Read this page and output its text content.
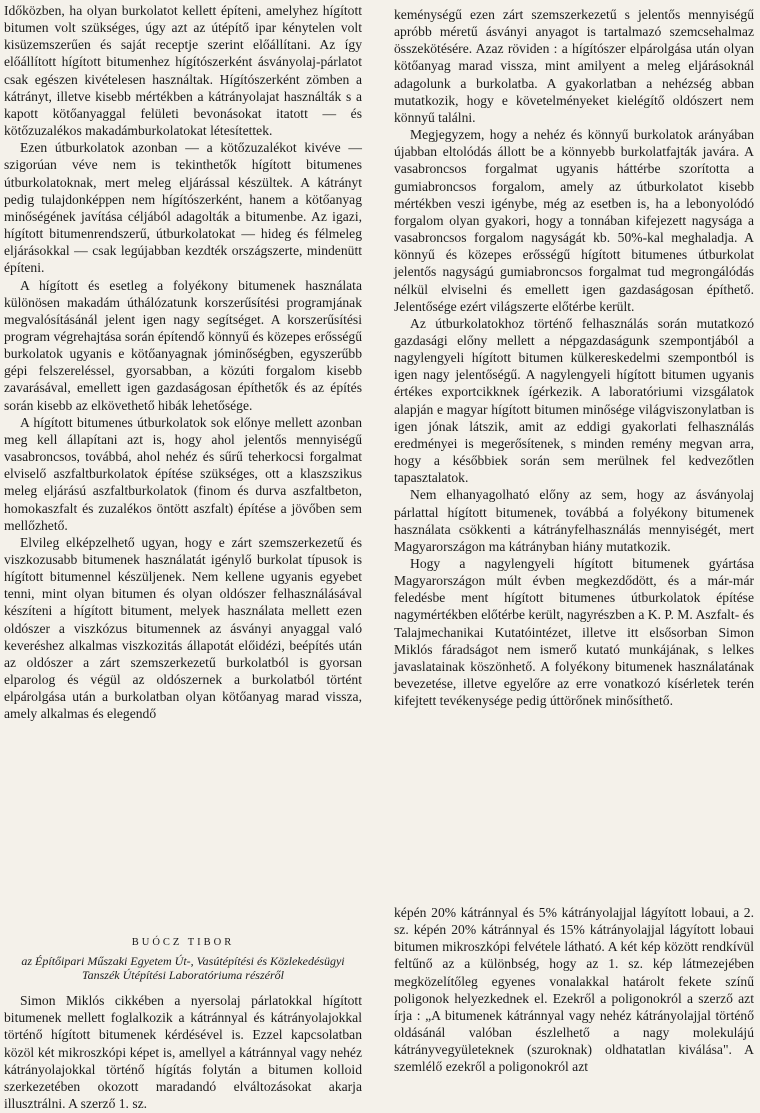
Időközben, ha olyan burkolatot kellett építeni, amelyhez hígított bitumen volt szükséges, úgy azt az útépítő ipar kénytelen volt kisüzemszerűen és saját receptje szerint előállítani. Az így előállított hígított bitumenhez hígítószerként ásványolaj-párlatot csak egészen kivételesen használtak. Hígítószerként zömben a kátrányt, illetve kisebb mértékben a kátrányolajat használták s a kapott kötőanyaggal felületi bevonásokat itatott — és kötőzuzalékos makadámburkolatokat létesítettek.

Ezen útburkolatok azonban — a kötőzuzalékot kivéve — szigorúan véve nem is tekinthetők hígított bitumenes útburkolatoknak, mert meleg eljárással készültek. A kátrányt pedig tulajdonképpen nem hígítószerként, hanem a kötőanyag minőségének javítása céljából adagolták a bitumenbe. Az igazi, hígított bitumenrendszerű, útburkolatokat — hideg és félmeleg eljárásokkal — csak legújabban kezdték országszerte, mindenütt építeni.

A hígított és esetleg a folyékony bitumenek használata különösen makadám úthálózatunk korszerűsítési programjának megvalósításánál jelent igen nagy segítséget. A korszerűsítési program végrehajtása során építendő könnyű és közepes erősségű burkolatok ugyanis e kötőanyagnak jóminőségben, egyszerűbb gépi felszereléssel, gyorsabban, a közúti forgalom kisebb zavarásával, emellett igen gazdaságosan építhetők és az építés során kisebb az elkövethető hibák lehetősége.

A hígított bitumenes útburkolatok sok előnye mellett azonban meg kell állapítani azt is, hogy ahol jelentős mennyiségű vasabroncsos, továbbá, ahol nehéz és sűrű teherkocsi forgalmat elviselő aszfaltburkolatok építése szükséges, ott a klaszszikus meleg eljárású aszfaltburkolatok (finom és durva aszfaltbeton, homokaszfalt és zuzalékos öntött aszfalt) építése a jövőben sem mellőzhető.

Elvileg elképzelhető ugyan, hogy e zárt szemszerkezetű és viszkozusabb bitumenek használatát igénylő burkolat típusok is hígított bitumennel készüljenek. Nem kellene ugyanis egyebet tenni, mint olyan bitumen és olyan oldószer felhasználásával készíteni a hígított bitument, melyek használata mellett ezen oldószer a viszkózus bitumennek az ásványi anyaggal való keveréshez alkalmas viszkozitás állapotát előidézi, beépítés után az oldószer a zárt szemszerkezetű burkolatból is gyorsan elparolog és végül az oldószernek a burkolatból történt elpárolgása után a burkolatban olyan kötőanyag marad vissza, amely alkalmas és elegendő

keménységű ezen zárt szemszerkezetű s jelentős mennyiségű apróbb méretű ásványi anyagot is tartalmazó szemcsehalmaz összekötésére. Azaz röviden : a hígítószer elpárolgása után olyan kötőanyag marad vissza, mint amilyent a meleg eljárásoknál adagolunk a burkolatba. A gyakorlatban a nehézség abban mutatkozik, hogy e követelményeket kielégítő oldószert nem könnyű találni.

Megjegyzem, hogy a nehéz és könnyű burkolatok arányában újabban eltolódás állott be a könnyebb burkolatfajták javára. A vasabroncsos forgalmat ugyanis háttérbe szorította a gumiabroncsos forgalom, amely az útburkolatot kisebb mértékben veszi igénybe, még az esetben is, ha a lebonyolódó forgalom olyan gyakori, hogy a tonnában kifejezett nagysága a vasabroncsos forgalom nagyságát kb. 50%-kal meghaladja. A könnyű és közepes erősségű hígított bitumenes útburkolat jelentős nagyságú gumiabroncsos forgalmat tud megrongálódás nélkül elviselni és emellett igen gazdaságosan építhető. Jelentősége ezért világszerte előtérbe került.

Az útburkolatokhoz történő felhasználás során mutatkozó gazdasági előny mellett a népgazdaságunk szempontjából a nagylengyeli hígított bitumen külkereskedelmi szempontból is igen nagy jelentőségű. A nagylengyeli hígított bitumen ugyanis értékes exportcikknek ígérkezik. A laboratóriumi vizsgálatok alapján e magyar hígított bitumen minősége világviszonylatban is igen jónak látszik, amit az eddigi gyakorlati felhasználás eredményei is megerősítenek, s minden remény megvan arra, hogy a későbbiek során sem merülnek fel kedvezőtlen tapasztalatok.

Nem elhanyagolható előny az sem, hogy az ásványolaj párlattal hígított bitumenek, továbbá a folyékony bitumenek használata csökkenti a kátrányfelhasználás mennyiségét, mert Magyarországon ma kátrányban hiány mutatkozik.

Hogy a nagylengyeli hígított bitumenek gyártása Magyarországon múlt évben megkezdődött, és a már-már feledésbe ment hígított bitumenes útburkolatok építése nagymértékben előtérbe került, nagyrészben a K. P. M. Aszfalt- és Talajmechanikai Kutatóintézet, illetve itt elsősorban Simon Miklós fáradságot nem ismerő kutató munkájának, s lelkes javaslatainak köszönhető. A folyékony bitumenek használatának bevezetése, illetve egyelőre az erre vonatkozó kísérletek terén kifejtett tevékenysége pedig úttörőnek minősíthető.

BUÓCZ TIBOR
az Építőipari Műszaki Egyetem Út-, Vasútépítési és Közlekedésügyi Tanszék Útépítési Laboratóriuma részéről

Simon Miklós cikkében a nyersolaj párlatokkal hígított bitumenek mellett foglalkozik a kátránnyal és kátrányolajokkal történő hígított bitumenek kérdésével is. Ezzel kapcsolatban közöl két mikroszkópi képet is, amellyel a kátránnyal vagy nehéz kátrányolajokkal történő hígítás folytán a bitumen kolloid szerkezetében okozott maradandó elváltozásokat akarja illusztrálni. A szerző 1. sz.

képén 20% kátránnyal és 5% kátrányolajjal lágyított lobaui, a 2. sz. képén 20% kátránnyal és 15% kátrányolajjal lágyított lobaui bitumen mikroszkópi felvétele látható. A két kép között rendkívül feltűnő az a különbség, hogy az 1. sz. kép látmezejében megközelítőleg egyenes vonalakkal határolt fekete színű poligonok helyezkednek el. Ezekről a poligonokról a szerző azt írja : „A bitumenek kátránnyal vagy nehéz kátrányolajjal történő oldásánál valóban észlelhető a nagy molekulájú kátrányvegyületeknek (szuroknak) oldhatatlan kiválása". A szemlélő ezekről a poligonokról azt
